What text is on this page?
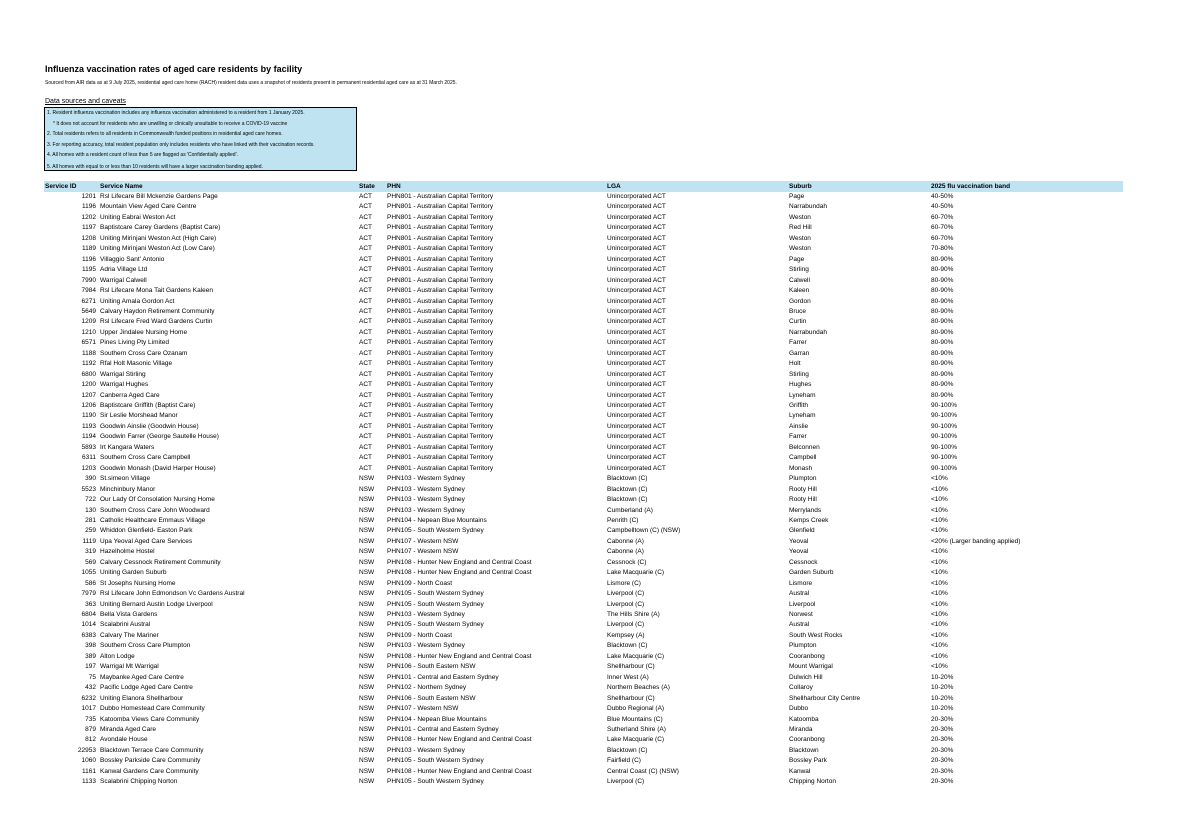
Influenza vaccination rates of aged care residents by facility
Sourced from AIR data as at 9 July 2025, residential aged care home (RACH) resident data uses a snapshot of residents present in permanent residential aged care as at 31 March 2025.
Data sources and caveats
1. Resident influenza vaccination includes any influenza vaccination administered to a resident from 1 January 2025.
* It does not account for residents who are unwilling or clinically unsuitable to receive a COVID-19 vaccine
2. Total residents refers to all residents in Commonwealth funded positions in residential aged care homes.
3. For reporting accuracy, total resident population only includes residents who have linked with their vaccination records.
4. All homes with a resident count of less than 5 are flagged as 'Confidentially applied'.
5. All homes with equal to or less than 10 residents will have a larger vaccination banding applied.
Service ID	Service Name	State PHN	LGA	Suburb	2025 flu vaccination band
1201 Rsl Lifecare Bill Mckenzie Gardens Page	ACT PHN801 - Australian Capital Territory	Unincorporated ACT	Page	40-50%
1196 Mountain View Aged Care Centre	ACT PHN801 - Australian Capital Territory	Unincorporated ACT	Narrabundah	40-50%
1202 Uniting Eabrai Weston Act	ACT PHN801 - Australian Capital Territory	Unincorporated ACT	Weston	60-70%
1197 Baptistcare Carey Gardens (Baptist Care)	ACT PHN801 - Australian Capital Territory	Unincorporated ACT	Red Hill	60-70%
1208 Uniting Mirinjani Weston Act (High Care)	ACT PHN801 - Australian Capital Territory	Unincorporated ACT	Weston	60-70%
1189 Uniting Mirinjani Weston Act (Low Care)	ACT PHN801 - Australian Capital Territory	Unincorporated ACT	Weston	70-80%
1196 Villaggio Sant' Antonio	ACT PHN801 - Australian Capital Territory	Unincorporated ACT	Page	80-90%
1195 Adria Village Ltd	ACT PHN801 - Australian Capital Territory	Unincorporated ACT	Stirling	80-90%
7990 Warrigal Calwell	ACT PHN801 - Australian Capital Territory	Unincorporated ACT	Calwell	80-90%
7984 Rsl Lifecare Mona Tait Gardens Kaleen	ACT PHN801 - Australian Capital Territory	Unincorporated ACT	Kaleen	80-90%
6271 Uniting Amala Gordon Act	ACT PHN801 - Australian Capital Territory	Unincorporated ACT	Gordon	80-90%
5649 Calvary Haydon Retirement Community	ACT PHN801 - Australian Capital Territory	Unincorporated ACT	Bruce	80-90%
1209 Rsl Lifecare Fred Ward Gardens Curtin	ACT PHN801 - Australian Capital Territory	Unincorporated ACT	Curtin	80-90%
1210 Upper Jindalee Nursing Home	ACT PHN801 - Australian Capital Territory	Unincorporated ACT	Narrabundah	80-90%
6571 Pines Living Pty Limited	ACT PHN801 - Australian Capital Territory	Unincorporated ACT	Farrer	80-90%
1188 Southern Cross Care Ozanam	ACT PHN801 - Australian Capital Territory	Unincorporated ACT	Garran	80-90%
1192 Rfal Holt Masonic Village	ACT PHN801 - Australian Capital Territory	Unincorporated ACT	Holt	80-90%
6800 Warrigal Stirling	ACT PHN801 - Australian Capital Territory	Unincorporated ACT	Stirling	80-90%
1200 Warrigal Hughes	ACT PHN801 - Australian Capital Territory	Unincorporated ACT	Hughes	80-90%
1207 Canberra Aged Care	ACT PHN801 - Australian Capital Territory	Unincorporated ACT	Lyneham	80-90%
1206 Baptistcare Griffith (Baptist Care)	ACT PHN801 - Australian Capital Territory	Unincorporated ACT	Griffith	90-100%
1190 Sir Leslie Morshead Manor	ACT PHN801 - Australian Capital Territory	Unincorporated ACT	Lyneham	90-100%
1193 Goodwin Ainslie (Goodwin House)	ACT PHN801 - Australian Capital Territory	Unincorporated ACT	Ainslie	90-100%
1194 Goodwin Farrer (George Sautelle House)	ACT PHN801 - Australian Capital Territory	Unincorporated ACT	Farrer	90-100%
5893 Irt Kangara Waters	ACT PHN801 - Australian Capital Territory	Unincorporated ACT	Belconnen	90-100%
6311 Southern Cross Care Campbell	ACT PHN801 - Australian Capital Territory	Unincorporated ACT	Campbell	90-100%
1203 Goodwin Monash (David Harper House)	ACT PHN801 - Australian Capital Territory	Unincorporated ACT	Monash	90-100%
390 St.simeon Village	NSW PHN103 - Western Sydney	Blacktown (C)	Plumpton	<10%
5523 Minchinbury Manor	NSW PHN103 - Western Sydney	Blacktown (C)	Rooty Hill	<10%
722 Our Lady Of Consolation Nursing Home	NSW PHN103 - Western Sydney	Blacktown (C)	Rooty Hill	<10%
130 Southern Cross Care John Woodward	NSW PHN103 - Western Sydney	Cumberland (A)	Merrylands	<10%
281 Catholic Healthcare Emmaus Village	NSW PHN104 - Nepean Blue Mountains	Penrith (C)	Kemps Creek	<10%
259 Whiddon Glenfield- Easton Park	NSW PHN105 - South Western Sydney	Campbelltown (C) (NSW)	Glenfield	<10%
1119 Upa Yeoval Aged Care Services	NSW PHN107 - Western NSW	Cabonne (A)	Yeoval	<20% (Larger banding applied)
319 Hazelholme Hostel	NSW PHN107 - Western NSW	Cabonne (A)	Yeoval	<10%
569 Calvary Cessnock Retirement Community	NSW PHN108 - Hunter New England and Central Coast	Cessnock (C)	Cessnock	<10%
1055 Uniting Garden Suburb	NSW PHN108 - Hunter New England and Central Coast	Lake Macquarie (C)	Garden Suburb	<10%
586 St Josephs Nursing Home	NSW PHN109 - North Coast	Lismore (C)	Lismore	<10%
7979 Rsl Lifecare John Edmondson Vc Gardens Austral	NSW PHN105 - South Western Sydney	Liverpool (C)	Austral	<10%
363 Uniting Bernard Austin Lodge Liverpool	NSW PHN105 - South Western Sydney	Liverpool (C)	Liverpool	<10%
6804 Bella Vista Gardens	NSW PHN103 - Western Sydney	The Hills Shire (A)	Norwest	<10%
1014 Scalabrini Austral	NSW PHN105 - South Western Sydney	Liverpool (C)	Austral	<10%
6383 Calvary The Mariner	NSW PHN109 - North Coast	Kempsey (A)	South West Rocks	<10%
398 Southern Cross Care Plumpton	NSW PHN103 - Western Sydney	Blacktown (C)	Plumpton	<10%
389 Alton Lodge	NSW PHN108 - Hunter New England and Central Coast	Lake Macquarie (C)	Cooranbong	<10%
197 Warrigal Mt Warrigal	NSW PHN106 - South Eastern NSW	Shellharbour (C)	Mount Warrigal	<10%
75 Maybanke Aged Care Centre	NSW PHN101 - Central and Eastern Sydney	Inner West (A)	Dulwich Hill	10-20%
432 Pacific Lodge Aged Care Centre	NSW PHN102 - Northern Sydney	Northern Beaches (A)	Collaroy	10-20%
6232 Uniting Elanora Shellharbour	NSW PHN106 - South Eastern NSW	Shellharbour (C)	Shellharbour City Centre	10-20%
1017 Dubbo Homestead Care Community	NSW PHN107 - Western NSW	Dubbo Regional (A)	Dubbo	10-20%
735 Katoomba Views Care Community	NSW PHN104 - Nepean Blue Mountains	Blue Mountains (C)	Katoomba	20-30%
879 Miranda Aged Care	NSW PHN101 - Central and Eastern Sydney	Sutherland Shire (A)	Miranda	20-30%
812 Avondale House	NSW PHN108 - Hunter New England and Central Coast	Lake Macquarie (C)	Cooranbong	20-30%
22953 Blacktown Terrace Care Community	NSW PHN103 - Western Sydney	Blacktown (C)	Blacktown	20-30%
1060 Bossley Parkside Care Community	NSW PHN105 - South Western Sydney	Fairfield (C)	Bossley Park	20-30%
1161 Kanwal Gardens Care Community	NSW PHN108 - Hunter New England and Central Coast	Central Coast (C) (NSW)	Kanwal	20-30%
1133 Scalabrini Chipping Norton	NSW PHN105 - South Western Sydney	Liverpool (C)	Chipping Norton	20-30%
